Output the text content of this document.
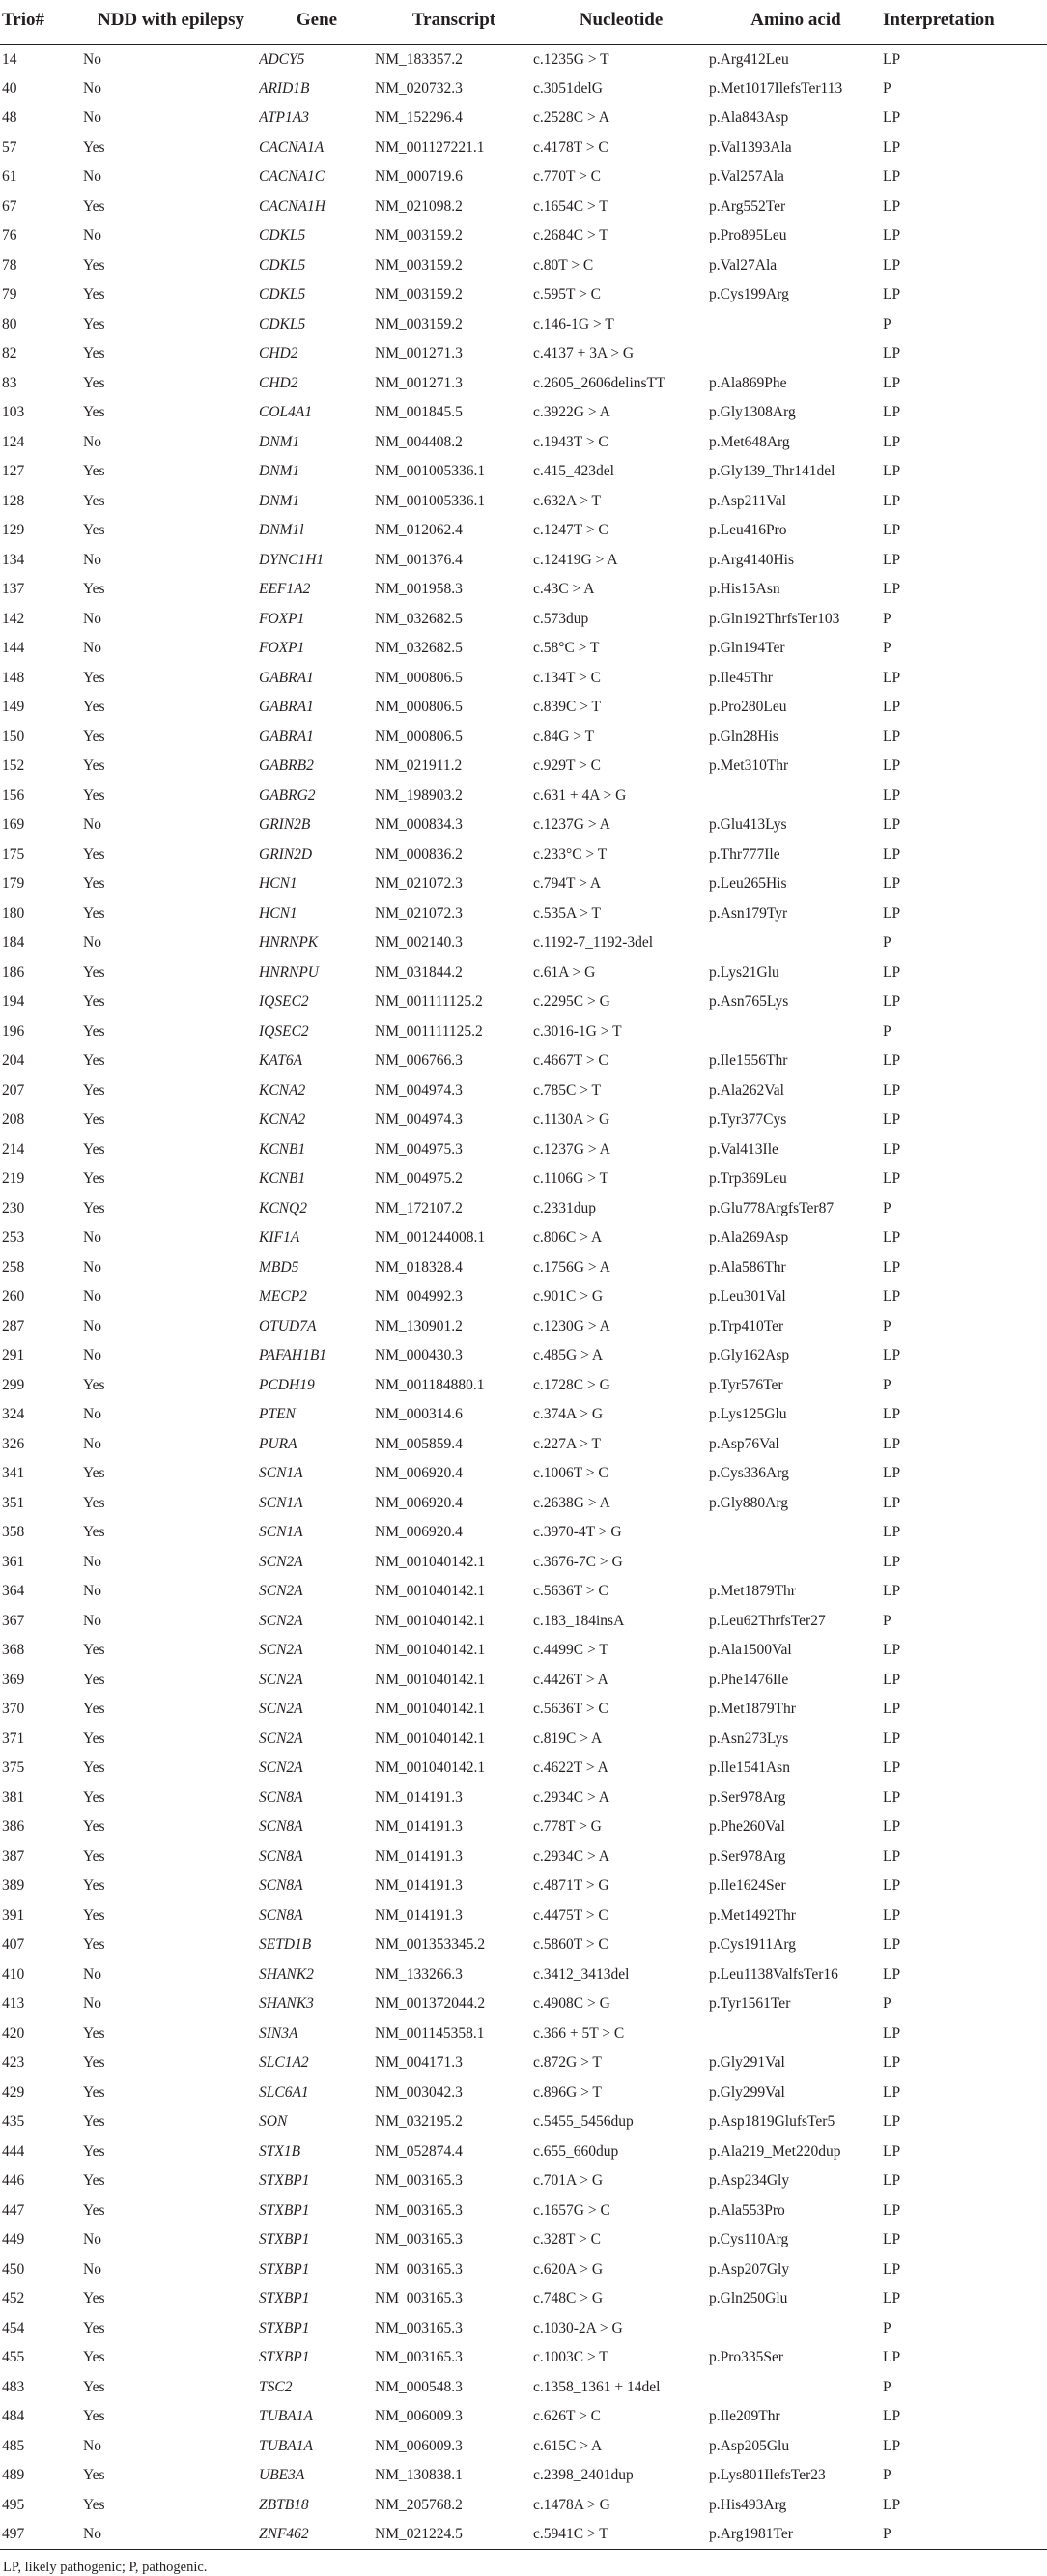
Trio#	NDD with epilepsy	Gene	Transcript	Nucleotide	Amino acid	Interpretation
14	No	ADCY5	NM_183357.2	c.1235G > T	p.Arg412Leu	LP
40	No	ARID1B	NM_020732.3	c.3051delG	p.Met1017IlefsTer113	P
48	No	ATP1A3	NM_152296.4	c.2528C > A	p.Ala843Asp	LP
57	Yes	CACNA1A	NM_001127221.1	c.4178T > C	p.Val1393Ala	LP
61	No	CACNA1C	NM_000719.6	c.770T > C	p.Val257Ala	LP
67	Yes	CACNA1H	NM_021098.2	c.1654C > T	p.Arg552Ter	LP
76	No	CDKL5	NM_003159.2	c.2684C > T	p.Pro895Leu	LP
78	Yes	CDKL5	NM_003159.2	c.80T > C	p.Val27Ala	LP
79	Yes	CDKL5	NM_003159.2	c.595T > C	p.Cys199Arg	LP
80	Yes	CDKL5	NM_003159.2	c.146-1G > T		P
82	Yes	CHD2	NM_001271.3	c.4137 + 3A > G		LP
83	Yes	CHD2	NM_001271.3	c.2605_2606delinsTT	p.Ala869Phe	LP
103	Yes	COL4A1	NM_001845.5	c.3922G > A	p.Gly1308Arg	LP
124	No	DNM1	NM_004408.2	c.1943T > C	p.Met648Arg	LP
127	Yes	DNM1	NM_001005336.1	c.415_423del	p.Gly139_Thr141del	LP
128	Yes	DNM1	NM_001005336.1	c.632A > T	p.Asp211Val	LP
129	Yes	DNM1l	NM_012062.4	c.1247T > C	p.Leu416Pro	LP
134	No	DYNC1H1	NM_001376.4	c.12419G > A	p.Arg4140His	LP
137	Yes	EEF1A2	NM_001958.3	c.43C > A	p.His15Asn	LP
142	No	FOXP1	NM_032682.5	c.573dup	p.Gln192ThrfsTer103	P
144	No	FOXP1	NM_032682.5	c.58°C > T	p.Gln194Ter	P
148	Yes	GABRA1	NM_000806.5	c.134T > C	p.Ile45Thr	LP
149	Yes	GABRA1	NM_000806.5	c.839C > T	p.Pro280Leu	LP
150	Yes	GABRA1	NM_000806.5	c.84G > T	p.Gln28His	LP
152	Yes	GABRB2	NM_021911.2	c.929T > C	p.Met310Thr	LP
156	Yes	GABRG2	NM_198903.2	c.631 + 4A > G		LP
169	No	GRIN2B	NM_000834.3	c.1237G > A	p.Glu413Lys	LP
175	Yes	GRIN2D	NM_000836.2	c.233°C > T	p.Thr777Ile	LP
179	Yes	HCN1	NM_021072.3	c.794T > A	p.Leu265His	LP
180	Yes	HCN1	NM_021072.3	c.535A > T	p.Asn179Tyr	LP
184	No	HNRNPK	NM_002140.3	c.1192-7_1192-3del		P
186	Yes	HNRNPU	NM_031844.2	c.61A > G	p.Lys21Glu	LP
194	Yes	IQSEC2	NM_001111125.2	c.2295C > G	p.Asn765Lys	LP
196	Yes	IQSEC2	NM_001111125.2	c.3016-1G > T		P
204	Yes	KAT6A	NM_006766.3	c.4667T > C	p.Ile1556Thr	LP
207	Yes	KCNA2	NM_004974.3	c.785C > T	p.Ala262Val	LP
208	Yes	KCNA2	NM_004974.3	c.1130A > G	p.Tyr377Cys	LP
214	Yes	KCNB1	NM_004975.3	c.1237G > A	p.Val413Ile	LP
219	Yes	KCNB1	NM_004975.2	c.1106G > T	p.Trp369Leu	LP
230	Yes	KCNQ2	NM_172107.2	c.2331dup	p.Glu778ArgfsTer87	P
253	No	KIF1A	NM_001244008.1	c.806C > A	p.Ala269Asp	LP
258	No	MBD5	NM_018328.4	c.1756G > A	p.Ala586Thr	LP
260	No	MECP2	NM_004992.3	c.901C > G	p.Leu301Val	LP
287	No	OTUD7A	NM_130901.2	c.1230G > A	p.Trp410Ter	P
291	No	PAFAH1B1	NM_000430.3	c.485G > A	p.Gly162Asp	LP
299	Yes	PCDH19	NM_001184880.1	c.1728C > G	p.Tyr576Ter	P
324	No	PTEN	NM_000314.6	c.374A > G	p.Lys125Glu	LP
326	No	PURA	NM_005859.4	c.227A > T	p.Asp76Val	LP
341	Yes	SCN1A	NM_006920.4	c.1006T > C	p.Cys336Arg	LP
351	Yes	SCN1A	NM_006920.4	c.2638G > A	p.Gly880Arg	LP
358	Yes	SCN1A	NM_006920.4	c.3970-4T > G		LP
361	No	SCN2A	NM_001040142.1	c.3676-7C > G		LP
364	No	SCN2A	NM_001040142.1	c.5636T > C	p.Met1879Thr	LP
367	No	SCN2A	NM_001040142.1	c.183_184insA	p.Leu62ThrfsTer27	P
368	Yes	SCN2A	NM_001040142.1	c.4499C > T	p.Ala1500Val	LP
369	Yes	SCN2A	NM_001040142.1	c.4426T > A	p.Phe1476Ile	LP
370	Yes	SCN2A	NM_001040142.1	c.5636T > C	p.Met1879Thr	LP
371	Yes	SCN2A	NM_001040142.1	c.819C > A	p.Asn273Lys	LP
375	Yes	SCN2A	NM_001040142.1	c.4622T > A	p.Ile1541Asn	LP
381	Yes	SCN8A	NM_014191.3	c.2934C > A	p.Ser978Arg	LP
386	Yes	SCN8A	NM_014191.3	c.778T > G	p.Phe260Val	LP
387	Yes	SCN8A	NM_014191.3	c.2934C > A	p.Ser978Arg	LP
389	Yes	SCN8A	NM_014191.3	c.4871T > G	p.Ile1624Ser	LP
391	Yes	SCN8A	NM_014191.3	c.4475T > C	p.Met1492Thr	LP
407	Yes	SETD1B	NM_001353345.2	c.5860T > C	p.Cys1911Arg	LP
410	No	SHANK2	NM_133266.3	c.3412_3413del	p.Leu1138ValfsTer16	LP
413	No	SHANK3	NM_001372044.2	c.4908C > G	p.Tyr1561Ter	P
420	Yes	SIN3A	NM_001145358.1	c.366 + 5T > C		LP
423	Yes	SLC1A2	NM_004171.3	c.872G > T	p.Gly291Val	LP
429	Yes	SLC6A1	NM_003042.3	c.896G > T	p.Gly299Val	LP
435	Yes	SON	NM_032195.2	c.5455_5456dup	p.Asp1819GlufsTer5	LP
444	Yes	STX1B	NM_052874.4	c.655_660dup	p.Ala219_Met220dup	LP
446	Yes	STXBP1	NM_003165.3	c.701A > G	p.Asp234Gly	LP
447	Yes	STXBP1	NM_003165.3	c.1657G > C	p.Ala553Pro	LP
449	No	STXBP1	NM_003165.3	c.328T > C	p.Cys110Arg	LP
450	No	STXBP1	NM_003165.3	c.620A > G	p.Asp207Gly	LP
452	Yes	STXBP1	NM_003165.3	c.748C > G	p.Gln250Glu	LP
454	Yes	STXBP1	NM_003165.3	c.1030-2A > G		P
455	Yes	STXBP1	NM_003165.3	c.1003C > T	p.Pro335Ser	LP
483	Yes	TSC2	NM_000548.3	c.1358_1361 + 14del		P
484	Yes	TUBA1A	NM_006009.3	c.626T > C	p.Ile209Thr	LP
485	No	TUBA1A	NM_006009.3	c.615C > A	p.Asp205Glu	LP
489	Yes	UBE3A	NM_130838.1	c.2398_2401dup	p.Lys801IlefsTer23	P
495	Yes	ZBTB18	NM_205768.2	c.1478A > G	p.His493Arg	LP
497	No	ZNF462	NM_021224.5	c.5941C > T	p.Arg1981Ter	P
LP, likely pathogenic; P, pathogenic.
